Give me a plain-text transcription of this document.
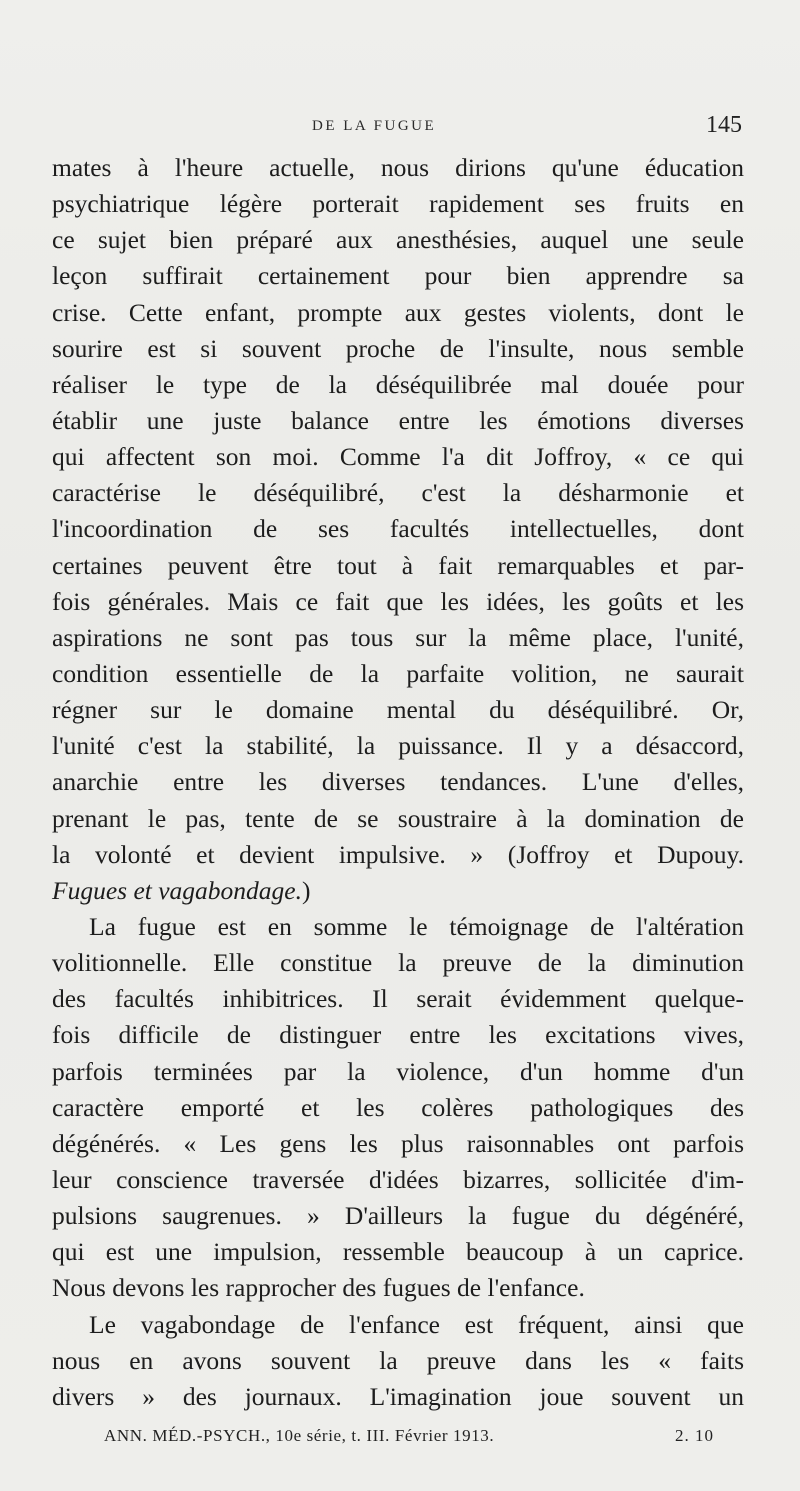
DE LA FUGUE	145
mates à l'heure actuelle, nous dirions qu'une éducation
psychiatrique légère porterait rapidement ses fruits en
ce sujet bien préparé aux anesthésies, auquel une seule
leçon suffirait certainement pour bien apprendre sa
crise. Cette enfant, prompte aux gestes violents, dont le
sourire est si souvent proche de l'insulte, nous semble
réaliser le type de la déséquilibrée mal douée pour
établir une juste balance entre les émotions diverses
qui affectent son moi. Comme l'a dit Joffroy, « ce qui
caractérise le déséquilibré, c'est la désharmonie et
l'incoordination de ses facultés intellectuelles, dont
certaines peuvent être tout à fait remarquables et par-
fois générales. Mais ce fait que les idées, les goûts et les
aspirations ne sont pas tous sur la même place, l'unité,
condition essentielle de la parfaite volition, ne saurait
régner sur le domaine mental du déséquilibré. Or,
l'unité c'est la stabilité, la puissance. Il y a désaccord,
anarchie entre les diverses tendances. L'une d'elles,
prenant le pas, tente de se soustraire à la domination de
la volonté et devient impulsive. » (Joffroy et Dupouy.
Fugues et vagabondage.)
La fugue est en somme le témoignage de l'altération
volitionnelle. Elle constitue la preuve de la diminution
des facultés inhibitrices. Il serait évidemment quelque-
fois difficile de distinguer entre les excitations vives,
parfois terminées par la violence, d'un homme d'un
caractère emporté et les colères pathologiques des
dégénérés. « Les gens les plus raisonnables ont parfois
leur conscience traversée d'idées bizarres, sollicitée d'im-
pulsions saugrenues. » D'ailleurs la fugue du dégénéré,
qui est une impulsion, ressemble beaucoup à un caprice.
Nous devons les rapprocher des fugues de l'enfance.
Le vagabondage de l'enfance est fréquent, ainsi que
nous en avons souvent la preuve dans les « faits
divers » des journaux. L'imagination joue souvent un
ANN. MÉD.-PSYCH., 10e série, t. III. Février 1913.	2. 10
